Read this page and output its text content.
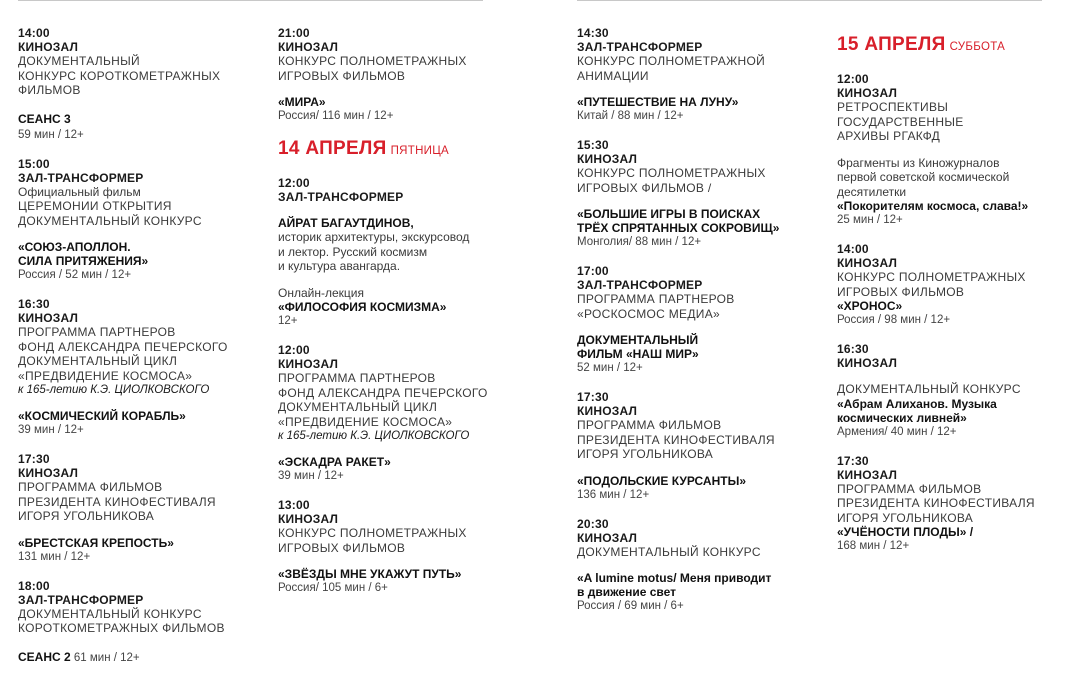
14:00
КИНОЗАЛ
ДОКУМЕНТАЛЬНЫЙ
КОНКУРС КОРОТКОМЕТРАЖНЫХ
ФИЛЬМОВ
СЕАНС 3
59 мин / 12+
15:00
ЗАЛ-ТРАНСФОРМЕР
Официальный фильм
ЦЕРЕМОНИИ ОТКРЫТИЯ
ДОКУМЕНТАЛЬНЫЙ КОНКУРС
«СОЮЗ-АПОЛЛОН.
СИЛА ПРИТЯЖЕНИЯ»
Россия / 52 мин / 12+
16:30
КИНОЗАЛ
ПРОГРАММА ПАРТНЕРОВ
ФОНД АЛЕКСАНДРА ПЕЧЕРСКОГО
ДОКУМЕНТАЛЬНЫЙ ЦИКЛ
«ПРЕДВИДЕНИЕ КОСМОСА»
к 165-летию К.Э. ЦИОЛКОВСКОГО
«КОСМИЧЕСКИЙ КОРАБЛЬ»
39 мин / 12+
17:30
КИНОЗАЛ
ПРОГРАММА ФИЛЬМОВ
ПРЕЗИДЕНТА КИНОФЕСТИВАЛЯ
ИГОРЯ УГОЛЬНИКОВА
«БРЕСТСКАЯ КРЕПОСТЬ»
131 мин / 12+
18:00
ЗАЛ-ТРАНСФОРМЕР
ДОКУМЕНТАЛЬНЫЙ КОНКУРС
КОРОТКОМЕТРАЖНЫХ ФИЛЬМОВ
СЕАНС 2 61 мин / 12+
21:00
КИНОЗАЛ
КОНКУРС ПОЛНОМЕТРАЖНЫХ
ИГРОВЫХ ФИЛЬМОВ
«МИРА»
Россия/ 116 мин / 12+
14 АПРЕЛЯ ПЯТНИЦА
12:00
ЗАЛ-ТРАНСФОРМЕР
АЙРАТ БАГАУТДИНОВ,
историк архитектуры, экскурсовод
и лектор. Русский космизм
и культура авангарда.
Онлайн-лекция
«ФИЛОСОФИЯ КОСМИЗМА»
12+
12:00
КИНОЗАЛ
ПРОГРАММА ПАРТНЕРОВ
ФОНД АЛЕКСАНДРА ПЕЧЕРСКОГО
ДОКУМЕНТАЛЬНЫЙ ЦИКЛ
«ПРЕДВИДЕНИЕ КОСМОСА»
к 165-летию К.Э. ЦИОЛКОВСКОГО
«ЭСКАДРА РАКЕТ»
39 мин / 12+
13:00
КИНОЗАЛ
КОНКУРС ПОЛНОМЕТРАЖНЫХ
ИГРОВЫХ ФИЛЬМОВ
«ЗВЁЗДЫ МНЕ УКАЖУТ ПУТЬ»
Россия/ 105 мин / 6+
14:30
ЗАЛ-ТРАНСФОРМЕР
КОНКУРС ПОЛНОМЕТРАЖНОЙ
АНИМАЦИИ
«ПУТЕШЕСТВИЕ НА ЛУНУ»
Китай / 88 мин / 12+
15:30
КИНОЗАЛ
КОНКУРС ПОЛНОМЕТРАЖНЫХ
ИГРОВЫХ ФИЛЬМОВ /
«БОЛЬШИЕ ИГРЫ В ПОИСКАХ
ТРЁХ СПРЯТАННЫХ СОКРОВИЩ»
Монголия/ 88 мин / 12+
17:00
ЗАЛ-ТРАНСФОРМЕР
ПРОГРАММА ПАРТНЕРОВ
«РОСКОСМОС МЕДИА»
ДОКУМЕНТАЛЬНЫЙ
ФИЛЬМ «НАШ МИР»
52 мин / 12+
17:30
КИНОЗАЛ
ПРОГРАММА ФИЛЬМОВ
ПРЕЗИДЕНТА КИНОФЕСТИВАЛЯ
ИГОРЯ УГОЛЬНИКОВА
«ПОДОЛЬСКИЕ КУРСАНТЫ»
136 мин / 12+
20:30
КИНОЗАЛ
ДОКУМЕНТАЛЬНЫЙ КОНКУРС
«A lumine motus/ Меня приводит
в движение свет
Россия / 69 мин / 6+
15 АПРЕЛЯ СУББОТА
12:00
КИНОЗАЛ
РЕТРОСПЕКТИВЫ
ГОСУДАРСТВЕННЫЕ
АРХИВЫ РГАКФД
Фрагменты из Киножурналов
первой советской космической
десятилетки
«Покорителям космоса, слава!»
25 мин / 12+
14:00
КИНОЗАЛ
КОНКУРС ПОЛНОМЕТРАЖНЫХ
ИГРОВЫХ ФИЛЬМОВ
«ХРОНОС»
Россия / 98 мин / 12+
16:30
КИНОЗАЛ
ДОКУМЕНТАЛЬНЫЙ КОНКУРС
«Абрам Алиханов. Музыка
космических ливней»
Армения/ 40 мин / 12+
17:30
КИНОЗАЛ
ПРОГРАММА ФИЛЬМОВ
ПРЕЗИДЕНТА КИНОФЕСТИВАЛЯ
ИГОРЯ УГОЛЬНИКОВА
«УЧЁНОСТИ ПЛОДЫ» /
168 мин / 12+
